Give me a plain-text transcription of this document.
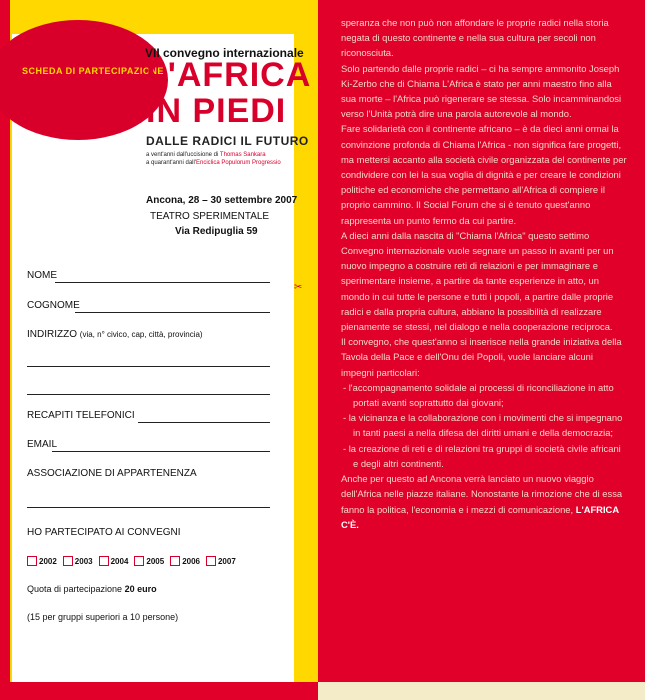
SCHEDA DI PARTECIPAZIONE
VII convegno internazionale
L'AFRICA
IN PIEDI
DALLE RADICI IL FUTURO
a vent'anni dall'uccisione di Thomas Sankara
a quarant'anni dall'Enciclica Populorum Progressio
Ancona, 28 – 30 settembre 2007
TEATRO SPERIMENTALE
Via Redipuglia 59
NOME
COGNOME
INDIRIZZO (via, n° civico, cap, città, provincia)
RECAPITI TELEFONICI
EMAIL
ASSOCIAZIONE DI APPARTENENZA
HO PARTECIPATO AI CONVEGNI
2002 2003 2004 2005 2006 2007
Quota di partecipazione 20 euro
(15 per gruppi superiori a 10 persone)
✂

speranza che non può non affondare le proprie radici nella storia negata di questo continente e nella sua cultura per secoli non riconosciuta.

Solo partendo dalle proprie radici – ci ha sempre ammonito Joseph Ki-Zerbo che di Chiama L'Africa è stato per anni maestro fino alla sua morte – l'Africa può rigenerare se stessa. Solo incamminandosi verso l'Unità potrà dire una parola autorevole al mondo.

Fare solidarietà con il continente africano – è da dieci anni ormai la convinzione profonda di Chiama l'Africa - non significa fare progetti, ma mettersi accanto alla società civile organizzata del continente per condividere con lei la sua voglia di dignità e per creare le condizioni politiche ed economiche che permettano all'Africa di compiere il proprio cammino. Il Social Forum che si è tenuto quest'anno rappresenta un punto fermo da cui partire.

A dieci anni dalla nascita di "Chiama l'Africa" questo settimo Convegno internazionale vuole segnare un passo in avanti per un nuovo impegno a costruire reti di relazioni e per immaginare e sperimentare insieme, a partire da tante esperienze in atto, un mondo in cui tutte le persone e tutti i popoli, a partire dalle proprie radici e dalla propria cultura, abbiano la possibilità di realizzare pienamente se stessi, nel dialogo e nella cooperazione reciproca.

Il convegno, che quest'anno si inserisce nella grande iniziativa della Tavola della Pace e dell'Onu dei Popoli, vuole lanciare alcuni impegni particolari:

- l'accompagnamento solidale ai processi di riconciliazione in atto portati avanti soprattutto dai giovani;

- la vicinanza e la collaborazione con i movimenti che si impegnano in tanti paesi a nella difesa dei diritti umani e della democrazia;

- la creazione di reti e di relazioni tra gruppi di società civile africani e degli altri continenti.

Anche per questo ad Ancona verrà lanciato un nuovo viaggio dell'Africa nelle piazze italiane. Nonostante la rimozione che di essa fanno la politica, l'economia e i mezzi di comunicazione, L'AFRICA C'È.
